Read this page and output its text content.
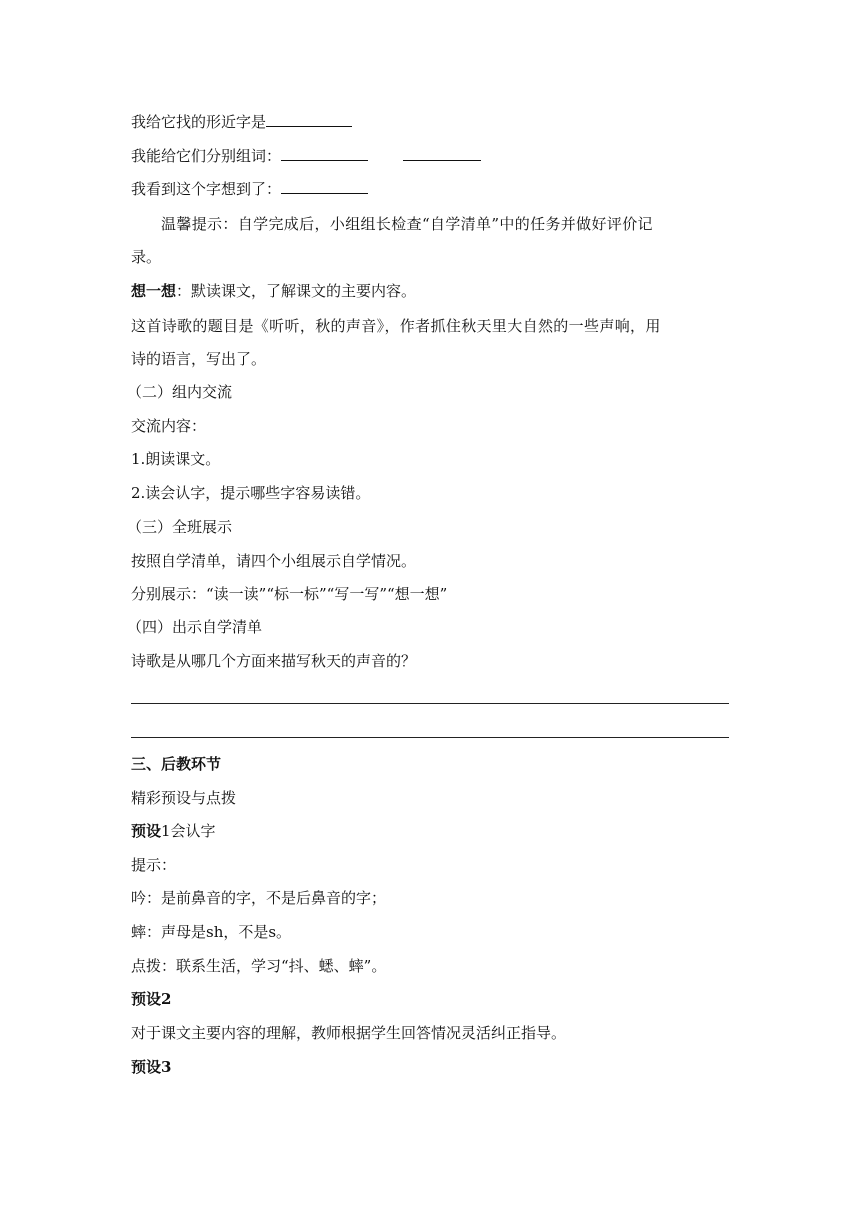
我给它找的形近字是
我能给它们分别组词：
我看到这个字想到了：
温馨提示：自学完成后，小组组长检查“自学清单”中的任务并做好评价记
录。
想一想：默读课文，了解课文的主要内容。
这首诗歌的题目是《听听，秋的声音》，作者抓住秋天里大自然的一些声响，用
诗的语言，写出了。
（二）组内交流
交流内容：
1.朗读课文。
2.读会认字，提示哪些字容易读错。
（三）全班展示
按照自学清单，请四个小组展示自学情况。
分别展示：“读一读”“标一标”“写一写”“想一想”
（四）出示自学清单
诗歌是从哪几个方面来描写秋天的声音的？
三、后教环节
精彩预设与点拨
预设1会认字
提示：
吟：是前鼻音的字，不是后鼻音的字；
蟀：声母是sh，不是s。
点拨：联系生活，学习“抖、蟋、蟀”。
预设2
对于课文主要内容的理解，教师根据学生回答情况灵活纠正指导。
预设3
